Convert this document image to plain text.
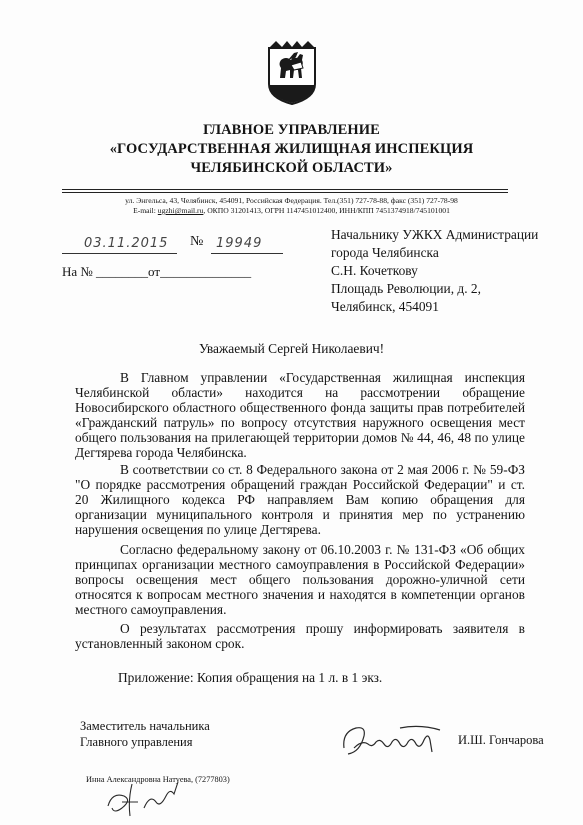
ГЛАВНОЕ УПРАВЛЕНИЕ
«ГОСУДАРСТВЕННАЯ ЖИЛИЩНАЯ ИНСПЕКЦИЯ
ЧЕЛЯБИНСКОЙ ОБЛАСТИ»
ул. Энгельса, 43, Челябинск, 454091, Российская Федерация. Тел.(351) 727-78-88, факс (351) 727-78-98
E-mail: ugzhi@mail.ru, ОКПО 31201413, ОГРН 1147451012400, ИНН/КПП 7451374918/745101001
03.11.2015 № 19949
На № ________от______________
Начальнику УЖКХ Администрации
города Челябинска
С.Н. Кочеткову
Площадь Революции, д. 2,
Челябинск, 454091
Уважаемый Сергей Николаевич!
В Главном управлении «Государственная жилищная инспекция Челябинской области» находится на рассмотрении обращение Новосибирского областного общественного фонда защиты прав потребителей «Гражданский патруль» по вопросу отсутствия наружного освещения мест общего пользования на прилегающей территории домов № 44, 46, 48 по улице Дегтярева города Челябинска.
В соответствии со ст. 8 Федерального закона от 2 мая 2006 г. № 59-ФЗ "О порядке рассмотрения обращений граждан Российской Федерации" и ст. 20 Жилищного кодекса РФ направляем Вам копию обращения для организации муниципального контроля и принятия мер по устранению нарушения освещения по улице Дегтярева.
Согласно федеральному закону от 06.10.2003 г. № 131-ФЗ «Об общих принципах организации местного самоуправления в Российской Федерации» вопросы освещения мест общего пользования дорожно-уличной сети относятся к вопросам местного значения и находятся в компетенции органов местного самоуправления.
О результатах рассмотрения прошу информировать заявителя в установленный законом срок.
Приложение: Копия обращения на 1 л. в 1 экз.
Заместитель начальника
Главного управления	И.Ш. Гончарова
Инна Александровна Натуева, (7277803)
